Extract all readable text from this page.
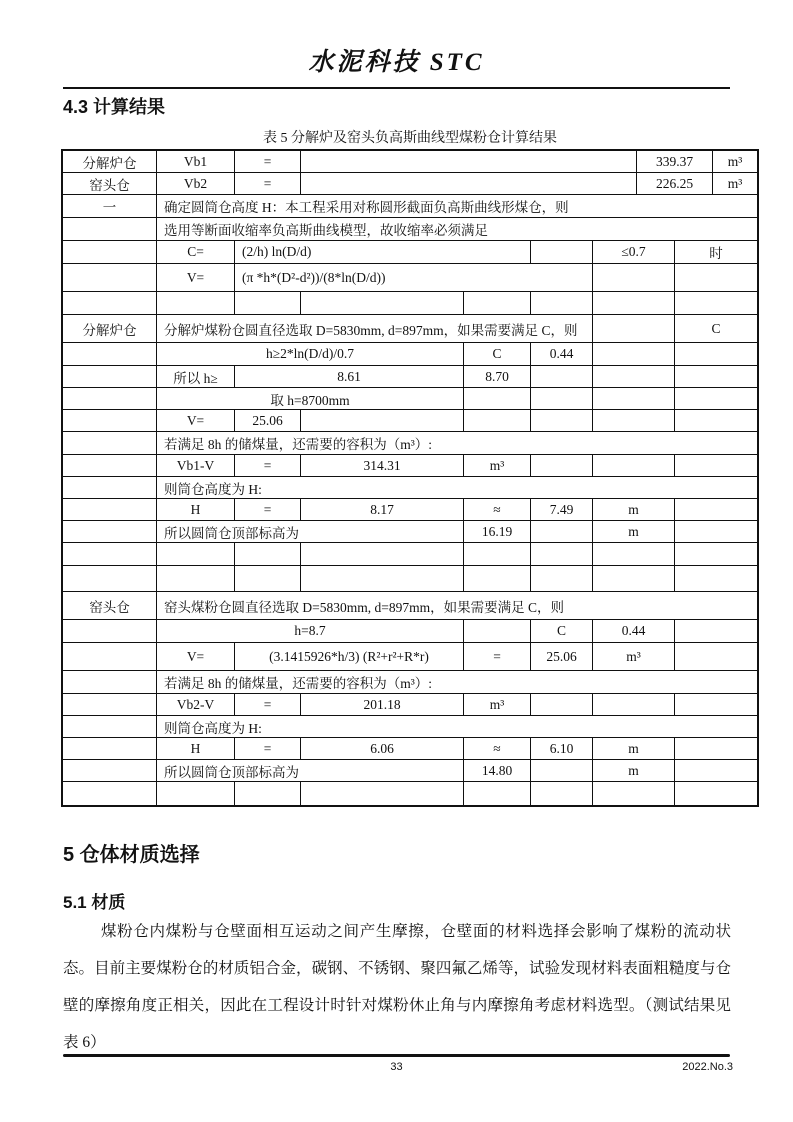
水泥科技 STC
4.3 计算结果
表 5 分解炉及窑头负高斯曲线型煤粉仓计算结果
分解炉仓	Vb1	=	339.37	m³
窑头仓	Vb2	=	226.25	m³
一	确定圆筒仓高度 H：本工程采用对称圆形截面负高斯曲线形煤仓，则
选用等断面收缩率负高斯曲线模型，故收缩率必须满足
C=	(2/h) ln(D/d)	≤0.7	时
V=	(π *h*(D²-d²))/(8*ln(D/d))
分解炉仓	分解炉煤粉仓圆直径选取 D=5830mm, d=897mm，如果需要满足 C，则	C
h≥2*ln(D/d)/0.7	C	0.44
所以 h≥	8.61	8.70
取 h=8700mm
V=	25.06
若满足 8h 的储煤量，还需要的容积为（m³）:
Vb1-V	=	314.31	m³
则筒仓高度为 H:
H	=	8.17	≈	7.49	m
所以圆筒仓顶部标高为	16.19	m
窑头仓	窑头煤粉仓圆直径选取 D=5830mm, d=897mm，如果需要满足 C，则
h=8.7	C	0.44
V=	(3.1415926*h/3) (R²+r²+R*r)	=	25.06	m³
若满足 8h 的储煤量，还需要的容积为（m³）:
Vb2-V	=	201.18	m³
则筒仓高度为 H:
H	=	6.06	≈	6.10	m
所以圆筒仓顶部标高为	14.80	m
5 仓体材质选择
5.1 材质
煤粉仓内煤粉与仓壁面相互运动之间产生摩擦，仓壁面的材料选择会影响了煤粉的流动状态。目前主要煤粉仓的材质铝合金，碳钢、不锈钢、聚四氟乙烯等，试验发现材料表面粗糙度与仓壁的摩擦角度正相关，因此在工程设计时针对煤粉休止角与内摩擦角考虑材料选型。（测试结果见表 6）
33	2022.No.3
